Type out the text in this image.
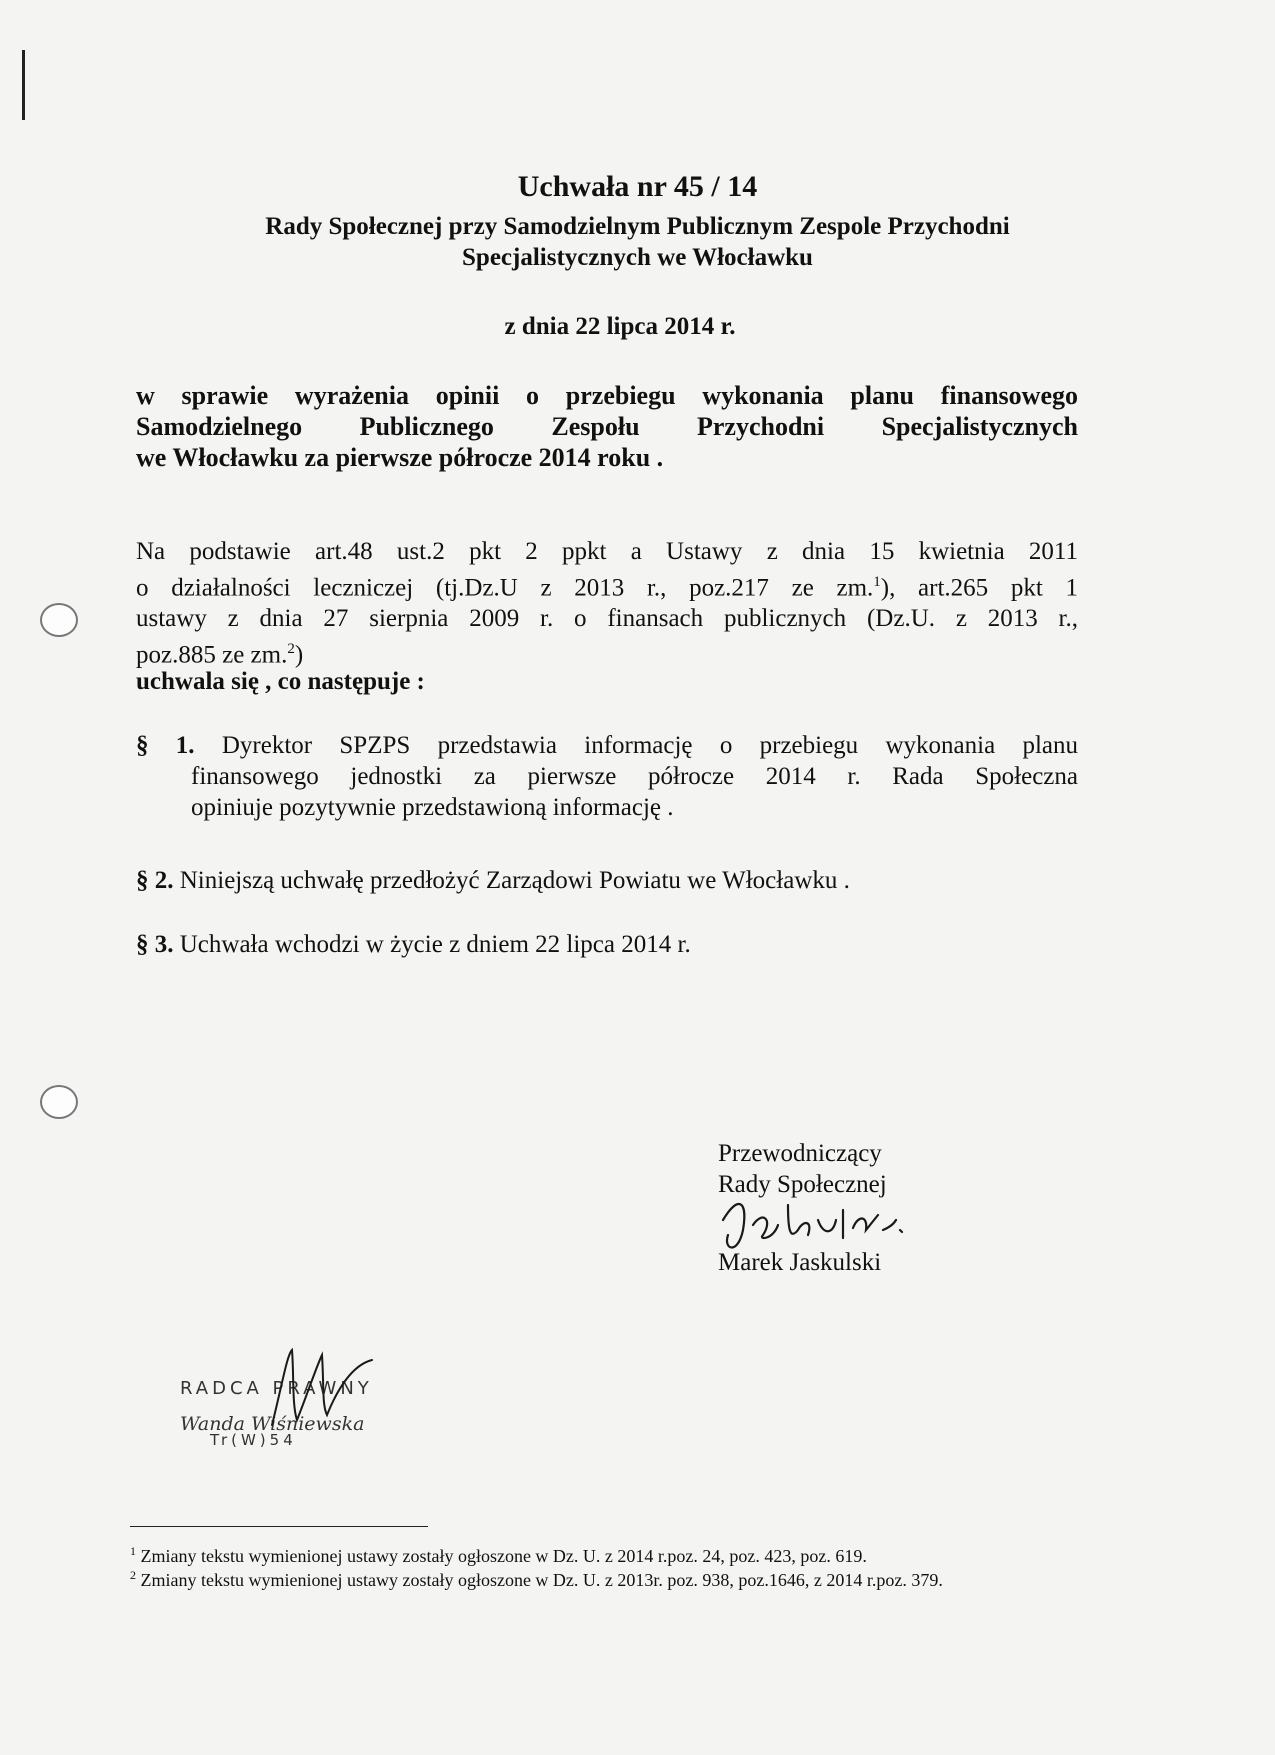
Uchwała nr 45 / 14
Rady Społecznej przy Samodzielnym Publicznym Zespole Przychodni
Specjalistycznych we Włocławku
z dnia 22 lipca 2014 r.
w sprawie wyrażenia opinii o przebiegu wykonania planu finansowego
Samodzielnego Publicznego Zespołu Przychodni Specjalistycznych
we Włocławku za pierwsze półrocze 2014 roku .
Na podstawie art.48 ust.2 pkt 2 ppkt a Ustawy z dnia 15 kwietnia 2011
o działalności leczniczej (tj.Dz.U z 2013 r., poz.217 ze zm.$^1$), art.265 pkt 1
ustawy z dnia 27 sierpnia 2009 r. o finansach publicznych (Dz.U. z 2013 r.,
poz.885 ze zm.$^2$)
uchwala się , co następuje :
§ 1. Dyrektor SPZPS przedstawia informację o przebiegu wykonania planu
finansowego jednostki za pierwsze półrocze 2014 r. Rada Społeczna
opiniuje pozytywnie przedstawioną informację .
§ 2. Niniejszą uchwałę przedłożyć Zarządowi Powiatu we Włocławku .
§ 3. Uchwała wchodzi w życie z dniem 22 lipca 2014 r.
Przewodniczący
Rady Społecznej
Marek Jaskulski
RADCA PRAWNY
Wanda Wiśniewska
Tr(W)54
$^1$ Zmiany tekstu wymienionej ustawy zostały ogłoszone w Dz. U. z 2014 r.poz. 24, poz. 423, poz. 619.
$^2$ Zmiany tekstu wymienionej ustawy zostały ogłoszone w Dz. U. z 2013r. poz. 938, poz.1646, z 2014 r.poz. 379.
